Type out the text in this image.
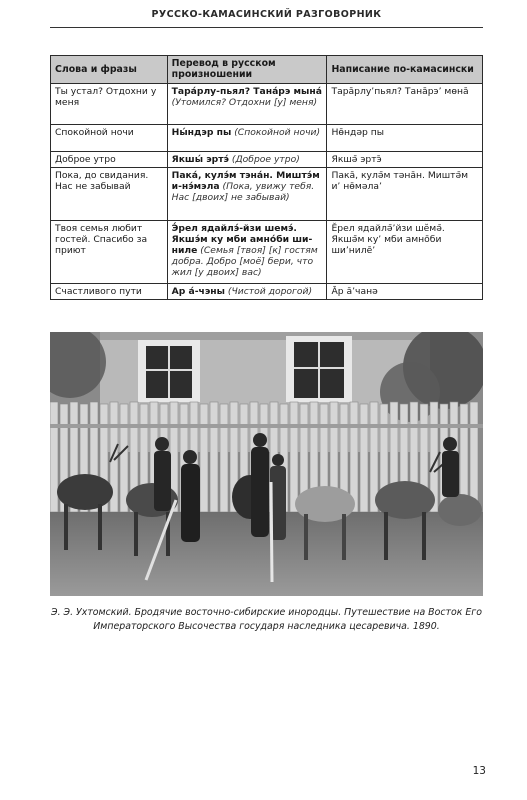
РУССКО-КАМАСИНСКИЙ РАЗГОВОРНИК
Слова и фразы	Перевод в русском произношении	Написание по-камасински
Ты устал? Отдохни у меня	Тара́рлу-пьял? Тана́рэ мына́ (Утомился? Отдохни [у] меня)	Тара̄рлуʼпьял? Тана̄рэʼ мөна̄
Спокойной ночи	Ны́ндэр пы (Спокойной ночи)	Нө̄ндәр пы
Доброе утро	Якшы́ эртэ́ (Доброе утро)	Якшә̄ эртэ̄
Пока, до свидания. Нас не забывай	Пака́, кулэ́м тэна́н. Миштэ́м и-нэ́мэла (Пока, увижу тебя. Нас [двоих] не забывай)	Пака̄, кулә̄м тәна̄н. Миштә̄м иʼ нө̄мәлаʼ
Твоя семья любит гостей. Спасибо за приют	Э́рел ядайлэ́-йзи шемэ́. Якшэ́м ку мби амно́би ши-ниле (Семья [твоя] [к] гостям добра. Добро [моё] бери, что жил [у двоих] вас)	Ӗрел ядайлә̄ʼйзи шӗмә̄. Якшә̄м куʼ мби амно̄би шиʼниле̄ʼ
Счастливого пути	Ар а́-чэны (Чистой дорогой)	А̄р а̄ʼчанә
Э. Э. Ухтомский. Бродячие восточно-сибирские инородцы. Путешествие на Восток Его Императорского Высочества государя наследника цесаревича. 1890.
13
